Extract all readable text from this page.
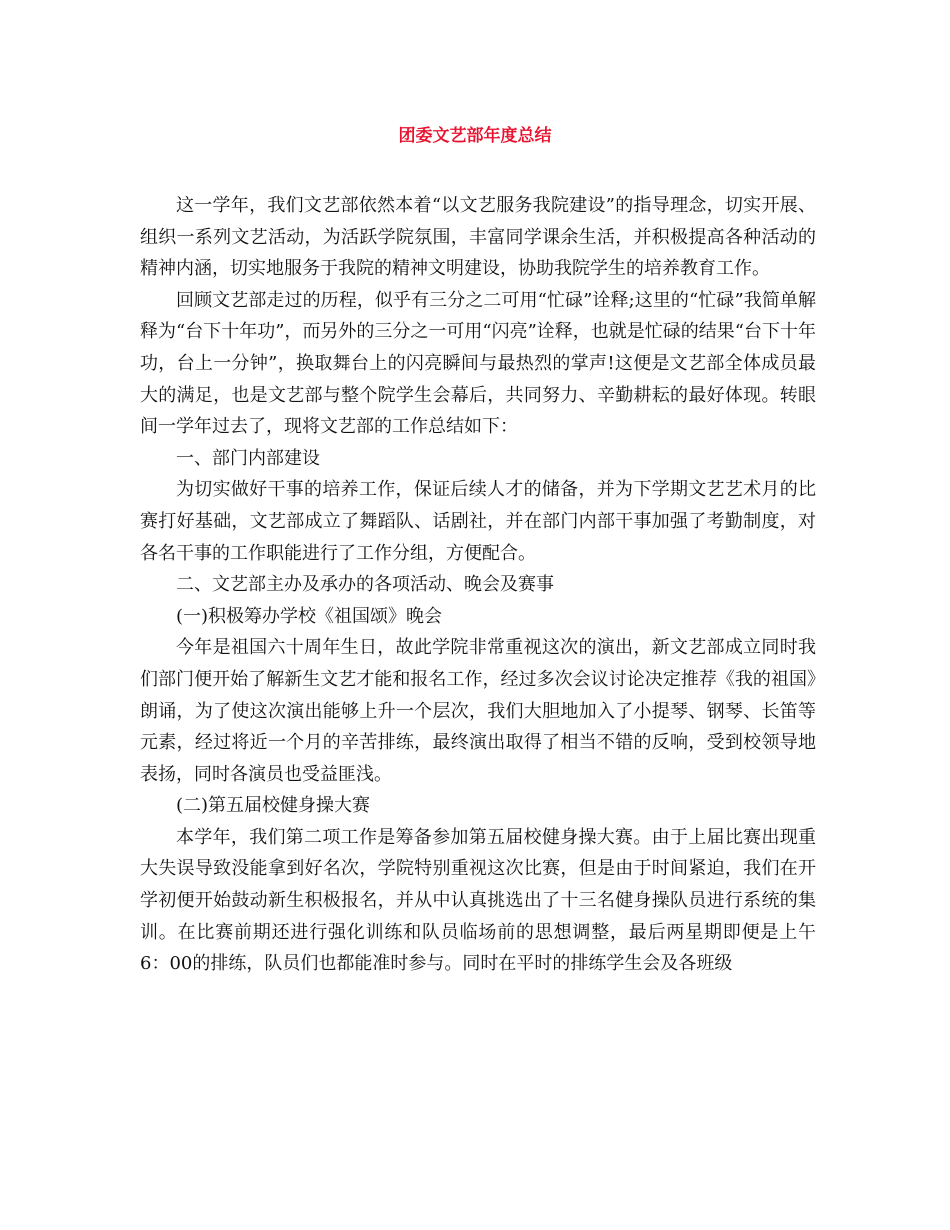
团委文艺部年度总结

这一学年，我们文艺部依然本着“以文艺服务我院建设”的指导理念，切实开展、组织一系列文艺活动，为活跃学院氛围，丰富同学课余生活，并积极提高各种活动的精神内涵，切实地服务于我院的精神文明建设，协助我院学生的培养教育工作。

回顾文艺部走过的历程，似乎有三分之二可用“忙碌”诠释;这里的“忙碌”我简单解释为“台下十年功”，而另外的三分之一可用“闪亮”诠释，也就是忙碌的结果“台下十年功，台上一分钟”，换取舞台上的闪亮瞬间与最热烈的掌声!这便是文艺部全体成员最大的满足，也是文艺部与整个院学生会幕后，共同努力、辛勤耕耘的最好体现。转眼间一学年过去了，现将文艺部的工作总结如下：

一、部门内部建设

为切实做好干事的培养工作，保证后续人才的储备，并为下学期文艺艺术月的比赛打好基础，文艺部成立了舞蹈队、话剧社，并在部门内部干事加强了考勤制度，对各名干事的工作职能进行了工作分组，方便配合。

二、文艺部主办及承办的各项活动、晚会及赛事

(一)积极筹办学校《祖国颂》晚会

今年是祖国六十周年生日，故此学院非常重视这次的演出，新文艺部成立同时我们部门便开始了解新生文艺才能和报名工作，经过多次会议讨论决定推荐《我的祖国》朗诵，为了使这次演出能够上升一个层次，我们大胆地加入了小提琴、钢琴、长笛等元素，经过将近一个月的辛苦排练，最终演出取得了相当不错的反响，受到校领导地表扬，同时各演员也受益匪浅。

(二)第五届校健身操大赛

本学年，我们第二项工作是筹备参加第五届校健身操大赛。由于上届比赛出现重大失误导致没能拿到好名次，学院特别重视这次比赛，但是由于时间紧迫，我们在开学初便开始鼓动新生积极报名，并从中认真挑选出了十三名健身操队员进行系统的集训。在比赛前期还进行强化训练和队员临场前的思想调整，最后两星期即便是上午6：00的排练，队员们也都能准时参与。同时在平时的排练学生会及各班级
